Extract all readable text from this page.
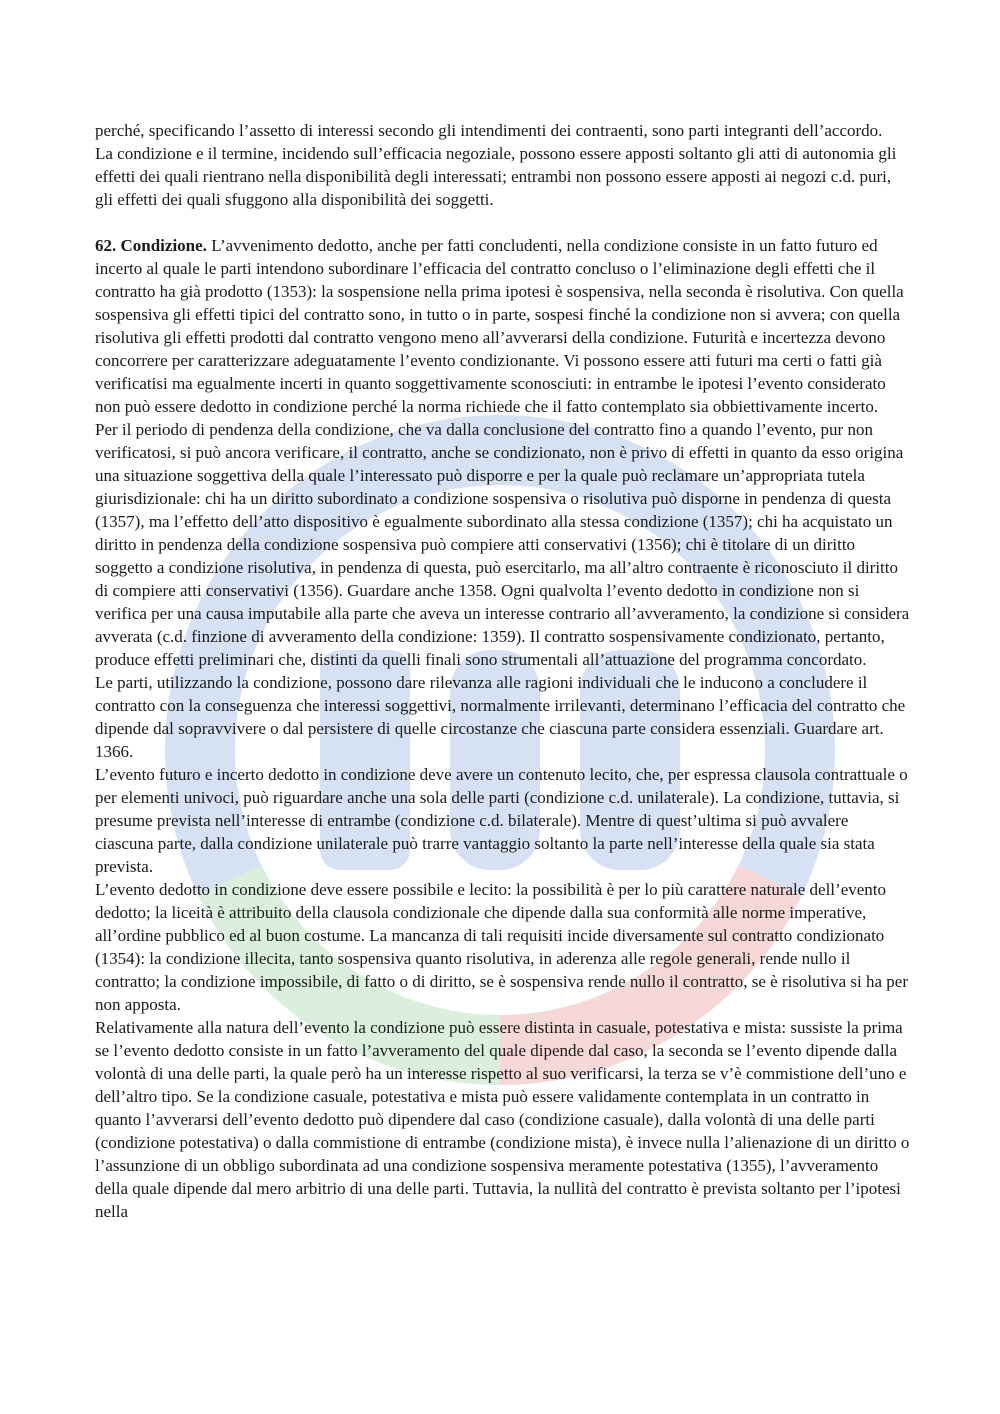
perché, specificando l’assetto di interessi secondo gli intendimenti dei contraenti, sono parti integranti dell’accordo.

La condizione e il termine, incidendo sull’efficacia negoziale, possono essere apposti soltanto gli atti di autonomia gli effetti dei quali rientrano nella disponibilità degli interessati; entrambi non possono essere apposti ai negozi c.d. puri, gli effetti dei quali sfuggono alla disponibilità dei soggetti.

62. Condizione. L’avvenimento dedotto, anche per fatti concludenti, nella condizione consiste in un fatto futuro ed incerto al quale le parti intendono subordinare l’efficacia del contratto concluso o l’eliminazione degli effetti che il contratto ha già prodotto (1353): la sospensione nella prima ipotesi è sospensiva, nella seconda è risolutiva. Con quella sospensiva gli effetti tipici del contratto sono, in tutto o in parte, sospesi finché la condizione non si avvera; con quella risolutiva gli effetti prodotti dal contratto vengono meno all’avverarsi della condizione. Futurità e incertezza devono concorrere per caratterizzare adeguatamente l’evento condizionante. Vi possono essere atti futuri ma certi o fatti già verificatisi ma egualmente incerti in quanto soggettivamente sconosciuti: in entrambe le ipotesi l’evento considerato non può essere dedotto in condizione perché la norma richiede che il fatto contemplato sia obbiettivamente incerto.

Per il periodo di pendenza della condizione, che va dalla conclusione del contratto fino a quando l’evento, pur non verificatosi, si può ancora verificare, il contratto, anche se condizionato, non è privo di effetti in quanto da esso origina una situazione soggettiva della quale l’interessato può disporre e per la quale può reclamare un’appropriata tutela giurisdizionale: chi ha un diritto subordinato a condizione sospensiva o risolutiva può disporne in pendenza di questa (1357), ma l’effetto dell’atto dispositivo è egualmente subordinato alla stessa condizione (1357); chi ha acquistato un diritto in pendenza della condizione sospensiva può compiere atti conservativi (1356); chi è titolare di un diritto soggetto a condizione risolutiva, in pendenza di questa, può esercitarlo, ma all’altro contraente è riconosciuto il diritto di compiere atti conservativi (1356). Guardare anche 1358. Ogni qualvolta l’evento dedotto in condizione non si verifica per una causa imputabile alla parte che aveva un interesse contrario all’avveramento, la condizione si considera avverata (c.d. finzione di avveramento della condizione: 1359). Il contratto sospensivamente condizionato, pertanto, produce effetti preliminari che, distinti da quelli finali sono strumentali all’attuazione del programma concordato.

Le parti, utilizzando la condizione, possono dare rilevanza alle ragioni individuali che le inducono a concludere il contratto con la conseguenza che interessi soggettivi, normalmente irrilevanti, determinano l’efficacia del contratto che dipende dal sopravvivere o dal persistere di quelle circostanze che ciascuna parte considera essenziali. Guardare art. 1366.

L’evento futuro e incerto dedotto in condizione deve avere un contenuto lecito, che, per espressa clausola contrattuale o per elementi univoci, può riguardare anche una sola delle parti (condizione c.d. unilaterale). La condizione, tuttavia, si presume prevista nell’interesse di entrambe (condizione c.d. bilaterale). Mentre di quest’ultima si può avvalere ciascuna parte, dalla condizione unilaterale può trarre vantaggio soltanto la parte nell’interesse della quale sia stata prevista.

L’evento dedotto in condizione deve essere possibile e lecito: la possibilità è per lo più carattere naturale dell’evento dedotto; la liceità è attribuito della clausola condizionale che dipende dalla sua conformità alle norme imperative, all’ordine pubblico ed al buon costume. La mancanza di tali requisiti incide diversamente sul contratto condizionato (1354): la condizione illecita, tanto sospensiva quanto risolutiva, in aderenza alle regole generali, rende nullo il contratto; la condizione impossibile, di fatto o di diritto, se è sospensiva rende nullo il contratto, se è risolutiva si ha per non apposta.

Relativamente alla natura dell’evento la condizione può essere distinta in casuale, potestativa e mista: sussiste la prima se l’evento dedotto consiste in un fatto l’avveramento del quale dipende dal caso, la seconda se l’evento dipende dalla volontà di una delle parti, la quale però ha un interesse rispetto al suo verificarsi, la terza se v’è commistione dell’uno e dell’altro tipo. Se la condizione casuale, potestativa e mista può essere validamente contemplata in un contratto in quanto l’avverarsi dell’evento dedotto può dipendere dal caso (condizione casuale), dalla volontà di una delle parti (condizione potestativa) o dalla commistione di entrambe (condizione mista), è invece nulla l’alienazione di un diritto o l’assunzione di un obbligo subordinata ad una condizione sospensiva meramente potestativa (1355), l’avveramento della quale dipende dal mero arbitrio di una delle parti. Tuttavia, la nullità del contratto è prevista soltanto per l’ipotesi nella
